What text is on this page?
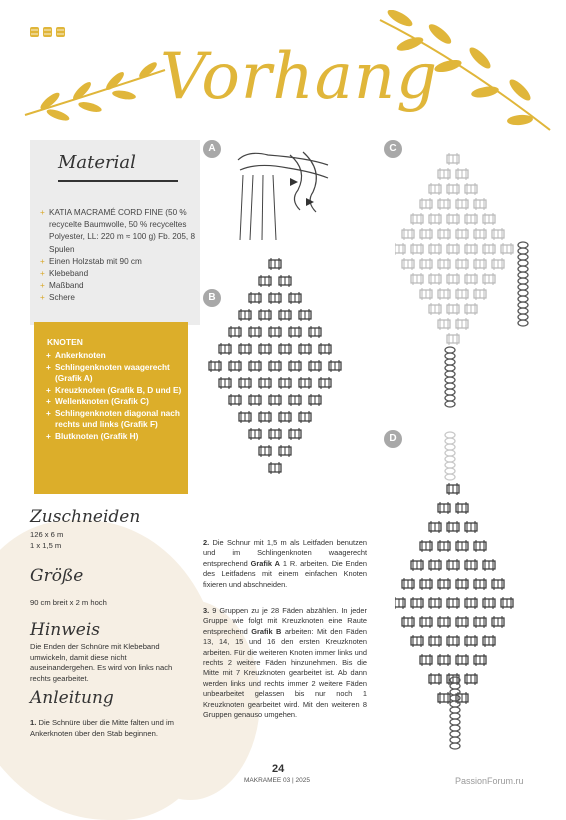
Vorhang
Material
+ KATIA MACRAMÉ CORD FINE (50 % recycelte Baumwolle, 50 % recyceltes Polyester, LL: 220 m ≈ 100 g) Fb. 205, 8 Spulen
+ Einen Holzstab mit 90 cm
+ Klebeband
+ Maßband
+ Schere
KNOTEN
+ Ankerknoten
+ Schlingenknoten waagerecht (Grafik A)
+ Kreuzknoten (Grafik B, D und E)
+ Wellenknoten (Grafik C)
+ Schlingenknoten diagonal nach rechts und links (Grafik F)
+ Blutknoten (Grafik H)
Zuschneiden
126 x 6 m
1 x 1,5 m
Größe
90 cm breit x 2 m hoch
Hinweis
Die Enden der Schnüre mit Klebeband umwickeln, damit diese nicht auseinandergehen. Es wird von links nach rechts gearbeitet.
Anleitung
1. Die Schnüre über die Mitte falten und im Ankerknoten über den Stab beginnen.
2. Die Schnur mit 1,5 m als Leitfaden benutzen und im Schlingenknoten waagerecht entsprechend Grafik A 1 R. arbeiten. Die Enden des Leitfadens mit einem einfachen Knoten fixieren und abschneiden.
3. 9 Gruppen zu je 28 Fäden abzählen. In jeder Gruppe wie folgt mit Kreuzknoten eine Raute entsprechend Grafik B arbeiten: Mit den Fäden 13, 14, 15 und 16 den ersten Kreuzknoten arbeiten. Für die weiteren Knoten immer links und rechts 2 weitere Fäden hinzunehmen. Bis die Mitte mit 7 Kreuzknoten gearbeitet ist. Ab dann werden links und rechts immer 2 weitere Fäden unbearbeitet gelassen bis nur noch 1 Kreuzknoten gearbeitet wird. Mit den weiteren 8 Gruppen genauso umgehen.
A
B
C
D
24
MAKRAMEE 03 | 2025	PassionForum.ru
